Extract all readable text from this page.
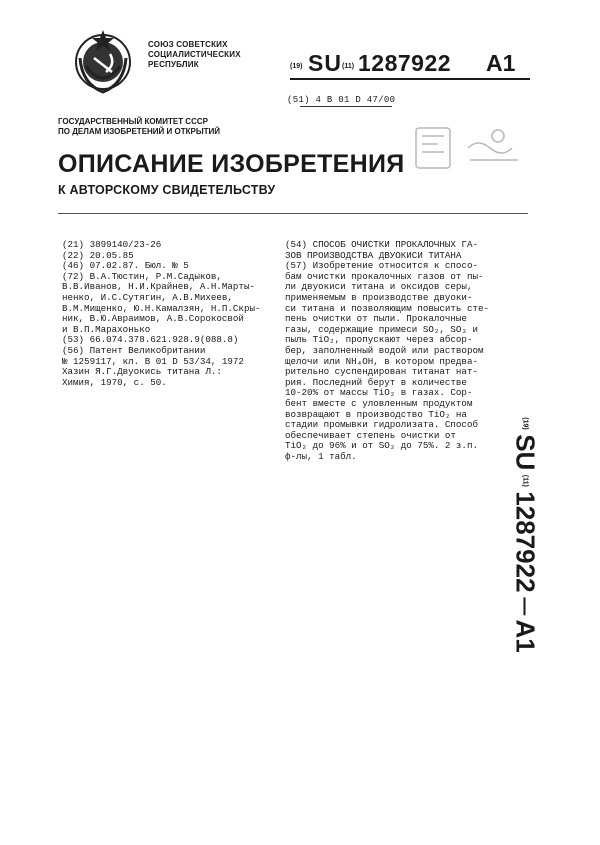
СОЮЗ СОВЕТСКИХ
СОЦИАЛИСТИЧЕСКИХ
РЕСПУБЛИК	(19) SU (11) 1287922 A1
(51) 4 B 01 D 47/00
ГОСУДАРСТВЕННЫЙ КОМИТЕТ СССР
ПО ДЕЛАМ ИЗОБРЕТЕНИЙ И ОТКРЫТИЙ
ОПИСАНИЕ ИЗОБРЕТЕНИЯ
К АВТОРСКОМУ СВИДЕТЕЛЬСТВУ
(21) 3899140/23-26
(22) 20.05.85
(46) 07.02.87. Бюл. № 5
(72) В.А.Тюстин, Р.М.Садыков,
В.В.Иванов, Н.И.Крайнев, А.Н.Марты-
ненко, И.С.Сутягин, А.В.Михеев,
В.М.Мищенко, Ю.Н.Камалзян, Н.П.Скры-
ник, В.Ю.Авраимов, А.В.Сорокосвой
и В.П.Марахонько
(53) 66.074.378.621.928.9(088.8)
(56) Патент Великобритании
№ 1259117, кл. В 01 D 53/34, 1972
Хазин Я.Г.Двуокись титана Л.:
Химия, 1970, с. 50.
(54) СПОСОБ ОЧИСТКИ ПРОКАЛОЧНЫХ ГА-
ЗОВ ПРОИЗВОДСТВА ДВУОКИСИ ТИТАНА
(57) Изобретение относится к спосо-
бам очистки прокалочных газов от пы-
ли двуокиси титана и оксидов серы,
применяемым в производстве двуоки-
си титана и позволяющим повысить сте-
пень очистки от пыли. Прокалочные
газы, содержащие примеси SO₂, SO₃ и
пыль TiO₂, пропускают через абсор-
бер, заполненный водой или раствором
щелочи или NH₄OH, в котором предва-
рительно суспендирован титанат нат-
рия. Последний берут в количестве
10-20% от массы TiO₂ в газах. Сор-
бент вместе с уловленным продуктом
возвращают в производство TiO₂ на
стадии промывки гидролизата. Способ
обеспечивает степень очистки от
TiO₂ до 96% и от SO₂ до 75%. 2 з.п.
ф-лы, 1 табл.
(19) SU (11) 1287922  A1
